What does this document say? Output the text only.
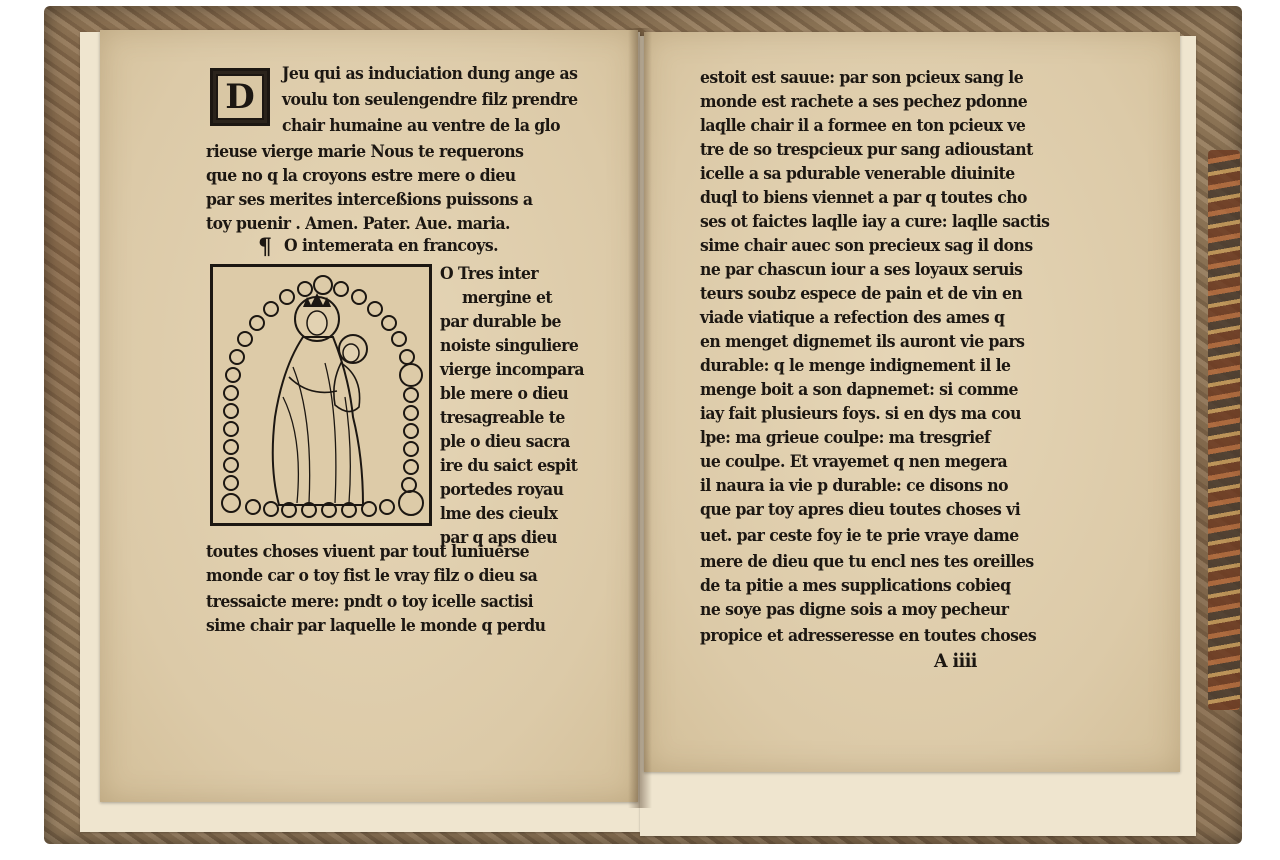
D
Jeu qui as induciation dung ange as
voulu ton seulengendre filz prendre
chair humaine au ventre de la glo
rieuse vierge marie Nous te requerons
que no q la croyons estre mere o dieu
par ses merites interceßions puissons a
toy puenir . Amen. Pater. Aue. maria.
¶ O intemerata en francoys.
O Tres inter
mergine et
par durable be
noiste singuliere
vierge incompara
ble mere o dieu
tresagreable te
ple o dieu sacra
ire du saict espit
portedes royau
lme des cieulx
par q aps dieu
toutes choses viuent par tout luniuerse
monde car o toy fist le vray filz o dieu sa
tressaicte mere: pndt o toy icelle sactisi
sime chair par laquelle le monde q perdu
estoit est sauue: par son pcieux sang le
monde est rachete a ses pechez pdonne
laqlle chair il a formee en ton pcieux ve
tre de so trespcieux pur sang adioustant
icelle a sa pdurable venerable diuinite
duql to biens viennet a par q toutes cho
ses ot faictes laqlle iay a cure: laqlle sactis
sime chair auec son precieux sag il dons
ne par chascun iour a ses loyaux seruis
teurs soubz espece de pain et de vin en
viade viatique a refection des ames q
en menget dignemet ils auront vie pars
durable: q le menge indignement il le
menge boit a son dapnemet: si comme
iay fait plusieurs foys. si en dys ma cou
lpe: ma grieue coulpe: ma tresgrief
ue coulpe. Et vrayemet q nen megera
il naura ia vie p durable: ce disons no
que par toy apres dieu toutes choses vi
uet. par ceste foy ie te prie vraye dame
mere de dieu que tu encl nes tes oreilles
de ta pitie a mes supplications cobieq
ne soye pas digne sois a moy pecheur
propice et adresseresse en toutes choses
A iiii
